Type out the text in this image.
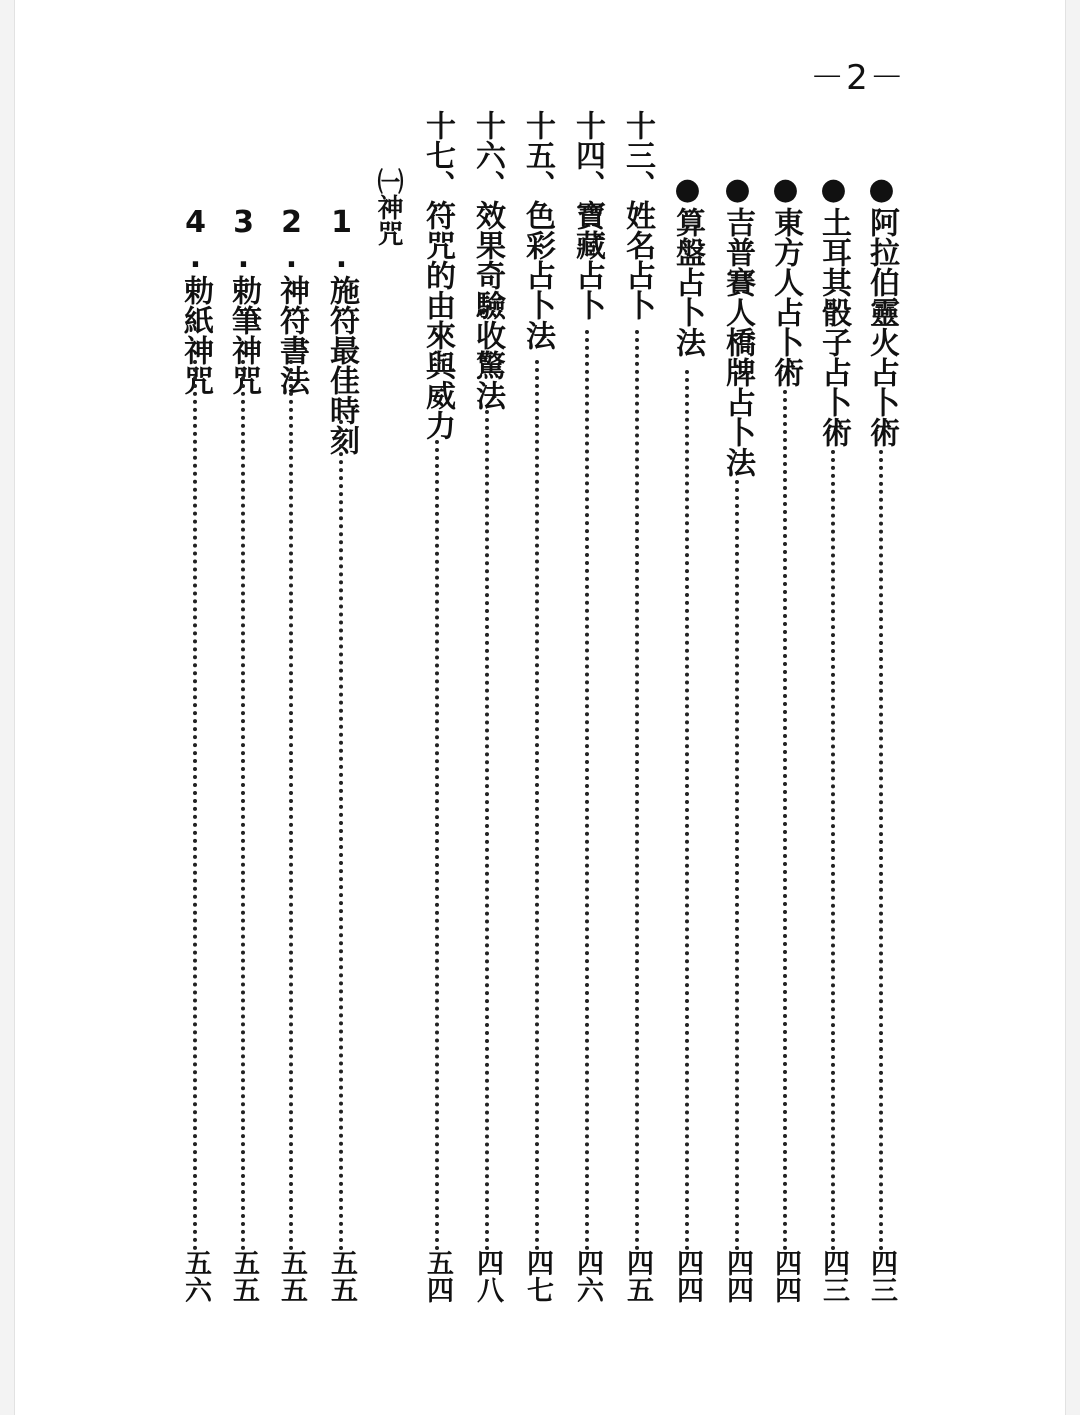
－2－
●阿拉伯靈火占卜術
四三
●土耳其骰子占卜術
四三
●東方人占卜術
四四
●吉普賽人橋牌占卜法
四四
●算盤占卜法
四四
十三、姓名占卜
四五
十四、寶藏占卜
四六
十五、色彩占卜法
四七
十六、效果奇驗收驚法
四八
十七、符咒的由來與威力
五四
㈠神咒
1.施符最佳時刻
五五
2.神符書法
五五
3.勅筆神咒
五五
4.勅紙神咒
五六
